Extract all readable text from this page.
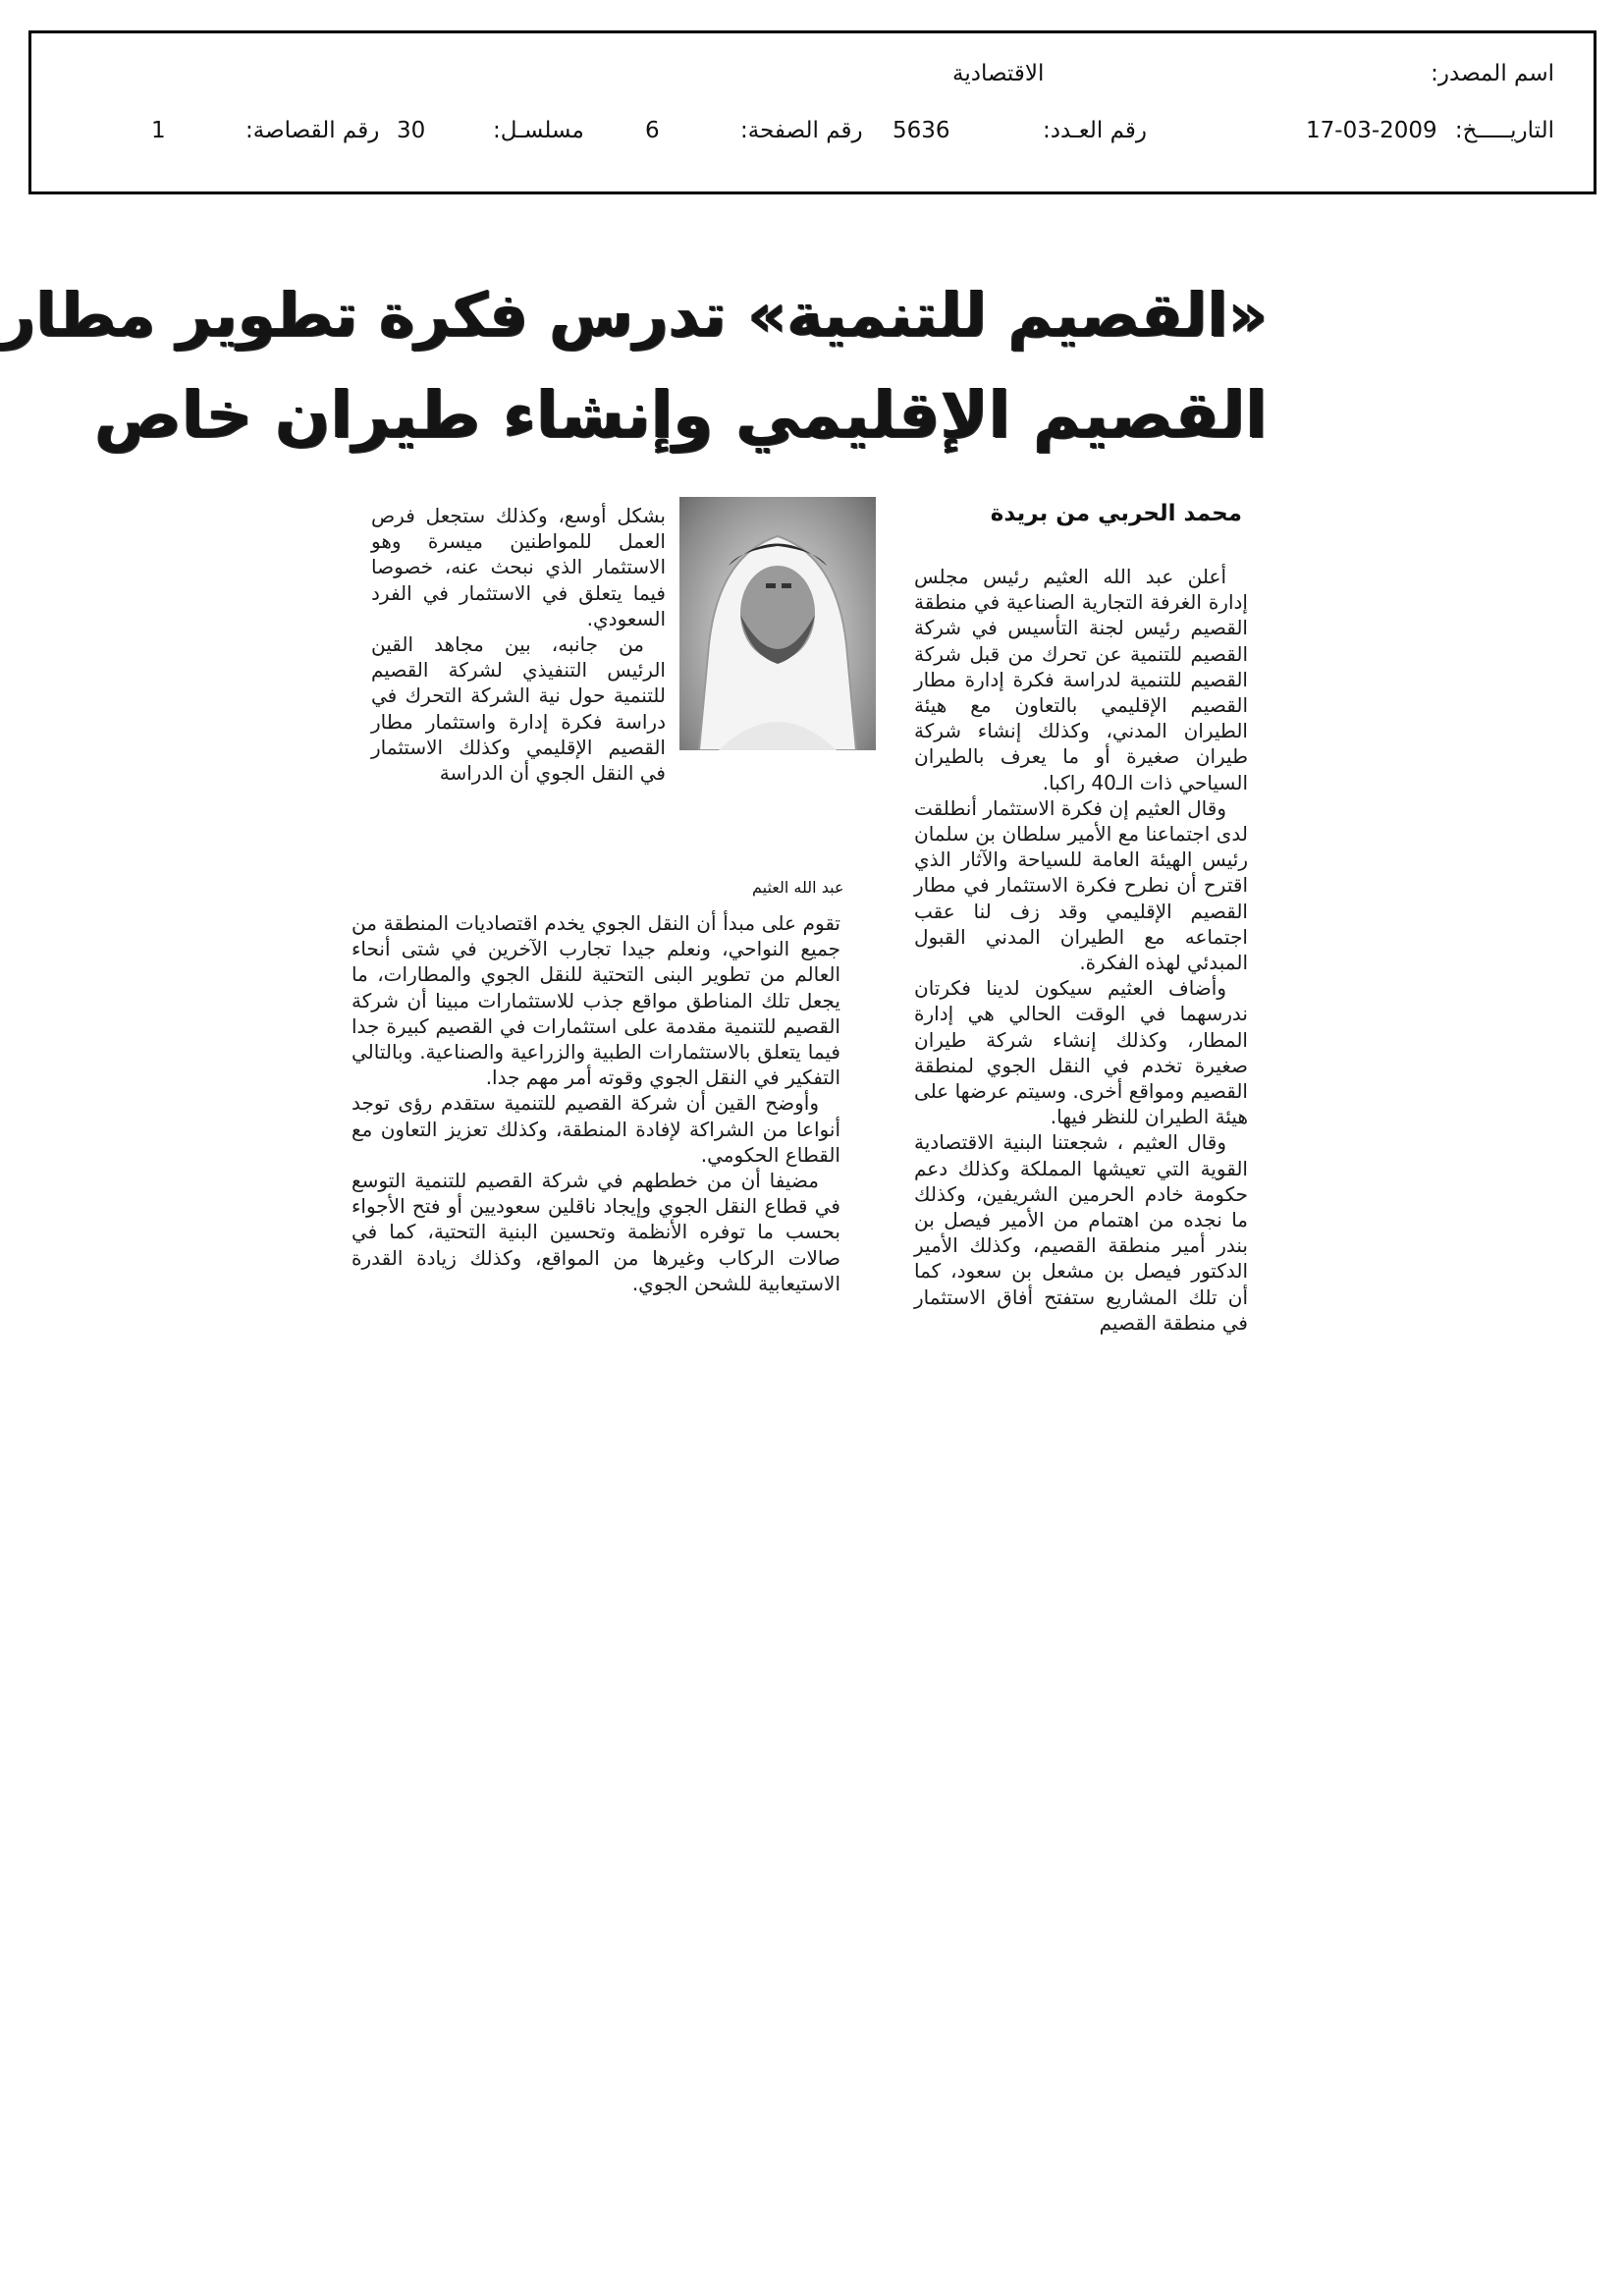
اسم المصدر:
الاقتصادية
التاريـــــخ:
17-03-2009
رقم العـدد:
5636
رقم الصفحة:
6
مسلسـل:
30
رقم القصاصة:
1
«القصيم للتنمية» تدرس فكرة تطوير مطار
القصيم الإقليمي وإنشاء طيران خاص
محمد الحربي من بريدة

أعلن عبد الله العثيم رئيس مجلس إدارة الغرفة التجارية الصناعية في منطقة القصيم رئيس لجنة التأسيس في شركة القصيم للتنمية عن تحرك من قبل شركة القصيم للتنمية لدراسة فكرة إدارة مطار القصيم الإقليمي بالتعاون مع هيئة الطيران المدني، وكذلك إنشاء شركة طيران صغيرة أو ما يعرف بالطيران السياحي ذات الـ40 راكبا.

وقال العثيم إن فكرة الاستثمار أنطلقت لدى اجتماعنا مع الأمير سلطان بن سلمان رئيس الهيئة العامة للسياحة والآثار الذي اقترح أن نطرح فكرة الاستثمار في مطار القصيم الإقليمي وقد زف لنا عقب اجتماعه مع الطيران المدني القبول المبدئي لهذه الفكرة.

وأضاف العثيم سيكون لدينا فكرتان ندرسهما في الوقت الحالي هي إدارة المطار، وكذلك إنشاء شركة طيران صغيرة تخدم في النقل الجوي لمنطقة القصيم ومواقع أخرى. وسيتم عرضها على هيئة الطيران للنظر فيها.

وقال العثيم ، شجعتنا البنية الاقتصادية القوية التي تعيشها المملكة وكذلك دعم حكومة خادم الحرمين الشريفين، وكذلك ما نجده من اهتمام من الأمير فيصل بن بندر أمير منطقة القصيم، وكذلك الأمير الدكتور فيصل بن مشعل بن سعود، كما أن تلك المشاريع ستفتح أفاق الاستثمار في منطقة القصيم

عبد الله العثيم

بشكل أوسع، وكذلك ستجعل فرص العمل للمواطنين ميسرة وهو الاستثمار الذي نبحث عنه، خصوصا فيما يتعلق في الاستثمار في الفرد السعودي.

من جانبه، بين مجاهد القين الرئيس التنفيذي لشركة القصيم للتنمية حول نية الشركة التحرك في دراسة فكرة إدارة واستثمار مطار القصيم الإقليمي وكذلك الاستثمار في النقل الجوي أن الدراسة

تقوم على مبدأ أن النقل الجوي يخدم اقتصاديات المنطقة من جميع النواحي، ونعلم جيدا تجارب الآخرين في شتى أنحاء العالم من تطوير البنى التحتية للنقل الجوي والمطارات، ما يجعل تلك المناطق مواقع جذب للاستثمارات مبينا أن شركة القصيم للتنمية مقدمة على استثمارات في القصيم كبيرة جدا فيما يتعلق بالاستثمارات الطبية والزراعية والصناعية. وبالتالي التفكير في النقل الجوي وقوته أمر مهم جدا.

وأوضح القين أن شركة القصيم للتنمية ستقدم رؤى توجد أنواعا من الشراكة لإفادة المنطقة، وكذلك تعزيز التعاون مع القطاع الحكومي.

مضيفا أن من خططهم في شركة القصيم للتنمية التوسع في قطاع النقل الجوي وإيجاد ناقلين سعوديين أو فتح الأجواء بحسب ما توفره الأنظمة وتحسين البنية التحتية، كما في صالات الركاب وغيرها من المواقع، وكذلك زيادة القدرة الاستيعابية للشحن الجوي.
